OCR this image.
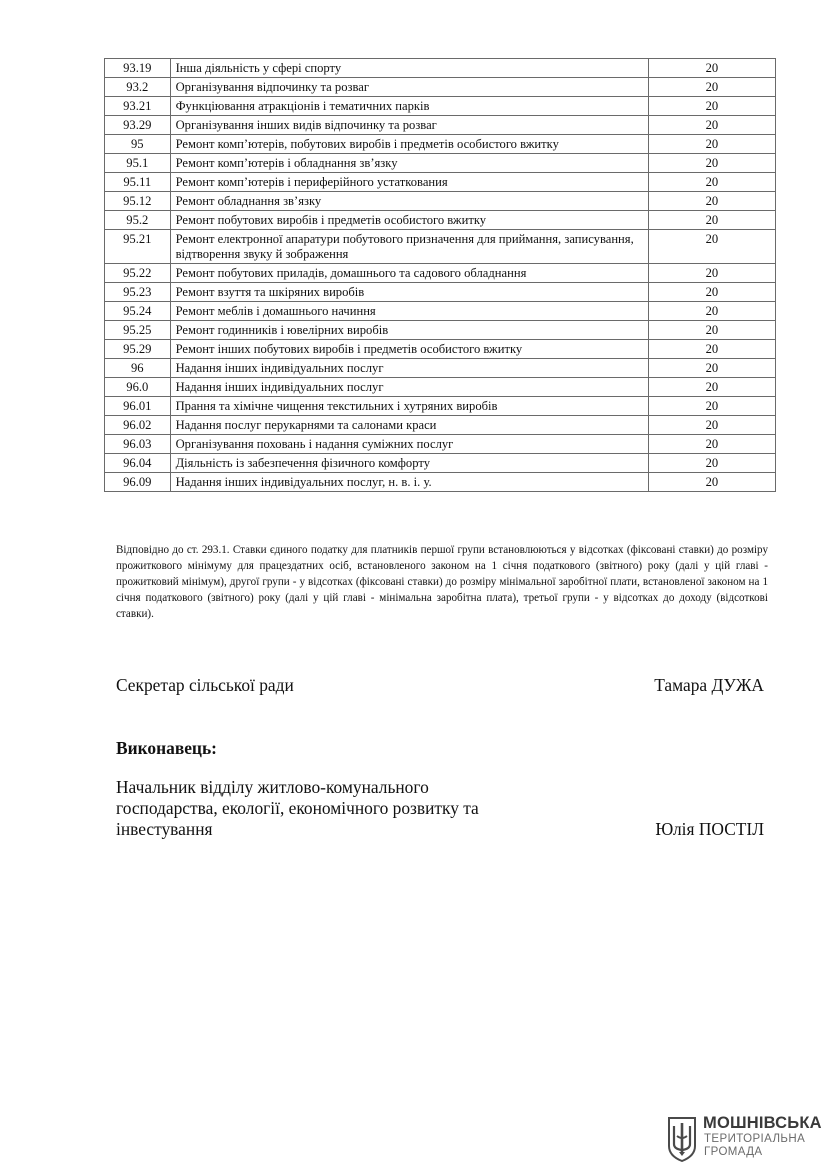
93.19	Інша діяльність у сфері спорту	20
93.2	Організування відпочинку та розваг	20
93.21	Функціювання атракціонів і тематичних парків	20
93.29	Організування інших видів відпочинку та розваг	20
95	Ремонт комп’ютерів, побутових виробів і предметів особистого вжитку	20
95.1	Ремонт комп’ютерів і обладнання зв’язку	20
95.11	Ремонт комп’ютерів і периферійного устаткования	20
95.12	Ремонт обладнання зв’язку	20
95.2	Ремонт побутових виробів і предметів особистого вжитку	20
95.21	Ремонт електронної апаратури побутового призначення для приймання, записування, відтворення звуку й зображення	20
95.22	Ремонт побутових приладів, домашнього та садового обладнання	20
95.23	Ремонт взуття та шкіряних виробів	20
95.24	Ремонт меблів і домашнього начиння	20
95.25	Ремонт годинників і ювелірних виробів	20
95.29	Ремонт інших побутових виробів і предметів особистого вжитку	20
96	Надання інших індивідуальних послуг	20
96.0	Надання інших індивідуальних послуг	20
96.01	Прання та хімічне чищення текстильних і хутряних виробів	20
96.02	Надання послуг перукарнями та салонами краси	20
96.03	Організування поховань і надання суміжних послуг	20
96.04	Діяльність із забезпечення фізичного комфорту	20
96.09	Надання інших індивідуальних послуг, н. в. і. у.	20

Відповідно до ст. 293.1. Ставки єдиного податку для платників першої групи встановлюються у відсотках (фіксовані ставки) до розміру прожиткового мінімуму для працездатних осіб, встановленого законом на 1 січня податкового (звітного) року (далі у цій главі - прожитковий мінімум), другої групи - у відсотках (фіксовані ставки) до розміру мінімальної заробітної плати, встановленої законом на 1 січня податкового (звітного) року (далі у цій главі - мінімальна заробітна плата), третьої групи - у відсотках до доходу (відсоткові ставки).

Секретар сільської ради	Тамара ДУЖА

Виконавець:

Начальник відділу житлово-комунального

господарства, екології, економічного розвитку та

інвестування	Юлія ПОСТІЛ

МОШНІВСЬКА
ТЕРИТОРІАЛЬНА
ГРОМАДА
